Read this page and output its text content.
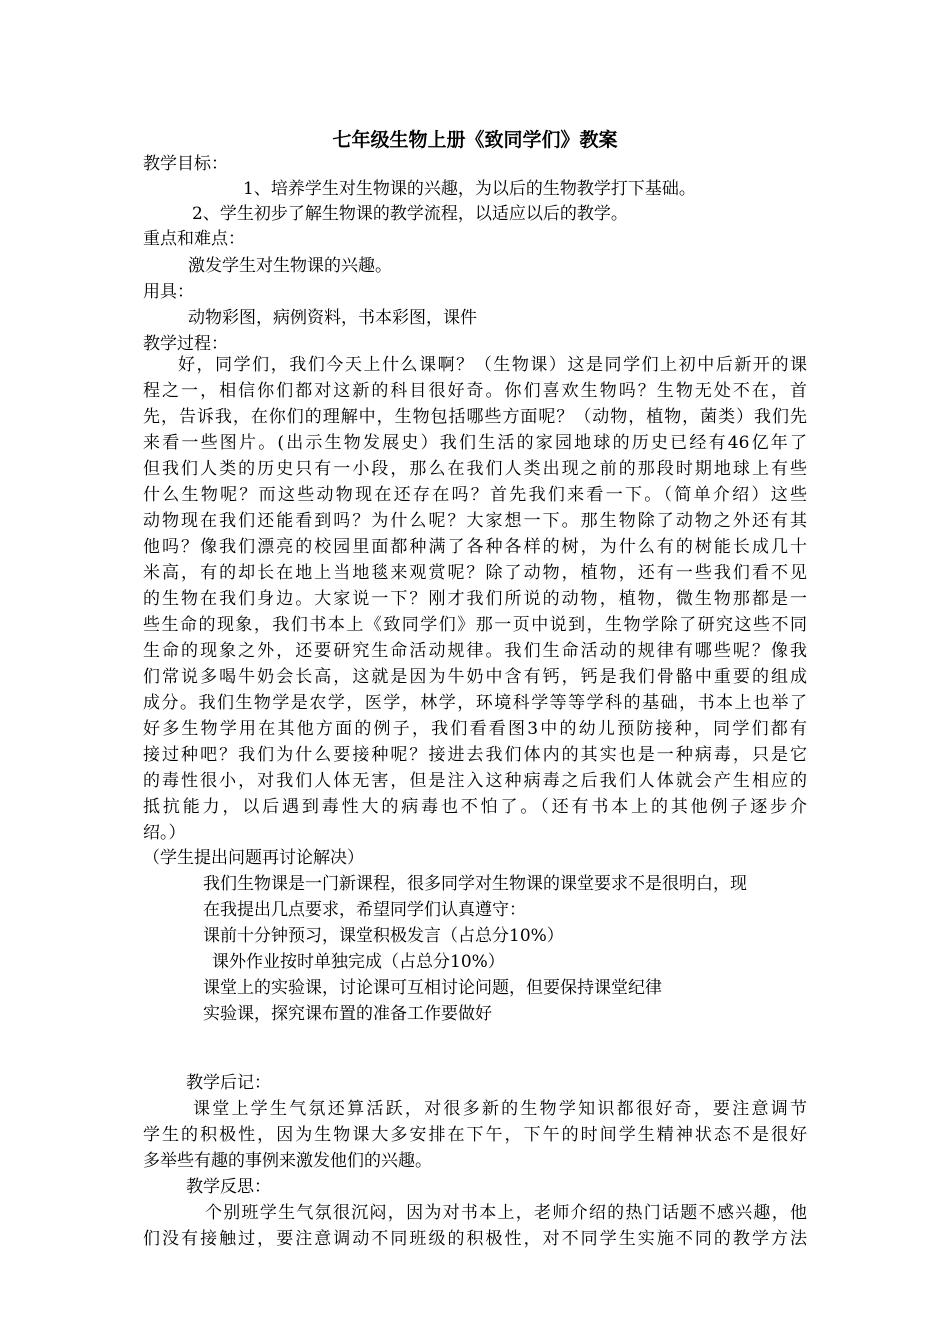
七年级生物上册《致同学们》教案
教学目标：
1、培养学生对生物课的兴趣，为以后的生物教学打下基础。
2、学生初步了解生物课的教学流程，以适应以后的教学。
重点和难点：
激发学生对生物课的兴趣。
用具：
动物彩图，病例资料，书本彩图，课件
教学过程：
好，同学们，我们今天上什么课啊？（生物课）这是同学们上初中后新开的课
程之一，相信你们都对这新的科目很好奇。你们喜欢生物吗？生物无处不在，首
先，告诉我，在你们的理解中，生物包括哪些方面呢？（动物，植物，菌类）我们先
来看一些图片。(出示生物发展史）我们生活的家园地球的历史已经有46亿年了
但我们人类的历史只有一小段，那么在我们人类出现之前的那段时期地球上有些
什么生物呢？而这些动物现在还存在吗？首先我们来看一下。（简单介绍）这些
动物现在我们还能看到吗？为什么呢？大家想一下。那生物除了动物之外还有其
他吗？像我们漂亮的校园里面都种满了各种各样的树，为什么有的树能长成几十
米高，有的却长在地上当地毯来观赏呢？除了动物，植物，还有一些我们看不见
的生物在我们身边。大家说一下？刚才我们所说的动物，植物，微生物那都是一
些生命的现象，我们书本上《致同学们》那一页中说到，生物学除了研究这些不同
生命的现象之外，还要研究生命活动规律。我们生命活动的规律有哪些呢？像我
们常说多喝牛奶会长高，这就是因为牛奶中含有钙，钙是我们骨骼中重要的组成
成分。我们生物学是农学，医学，林学，环境科学等等学科的基础，书本上也举了
好多生物学用在其他方面的例子，我们看看图3中的幼儿预防接种，同学们都有
接过种吧？我们为什么要接种呢？接进去我们体内的其实也是一种病毒，只是它
的毒性很小，对我们人体无害，但是注入这种病毒之后我们人体就会产生相应的
抵抗能力，以后遇到毒性大的病毒也不怕了。（还有书本上的其他例子逐步介
绍。）
（学生提出问题再讨论解决）
我们生物课是一门新课程，很多同学对生物课的课堂要求不是很明白，现
在我提出几点要求，希望同学们认真遵守：
课前十分钟预习，课堂积极发言（占总分10%）
课外作业按时单独完成（占总分10%）
课堂上的实验课，讨论课可互相讨论问题，但要保持课堂纪律
实验课，探究课布置的准备工作要做好
教学后记：
课堂上学生气氛还算活跃，对很多新的生物学知识都很好奇，要注意调节
学生的积极性，因为生物课大多安排在下午，下午的时间学生精神状态不是很好
多举些有趣的事例来激发他们的兴趣。
教学反思：
个别班学生气氛很沉闷，因为对书本上，老师介绍的热门话题不感兴趣，他
们没有接触过，要注意调动不同班级的积极性，对不同学生实施不同的教学方法
